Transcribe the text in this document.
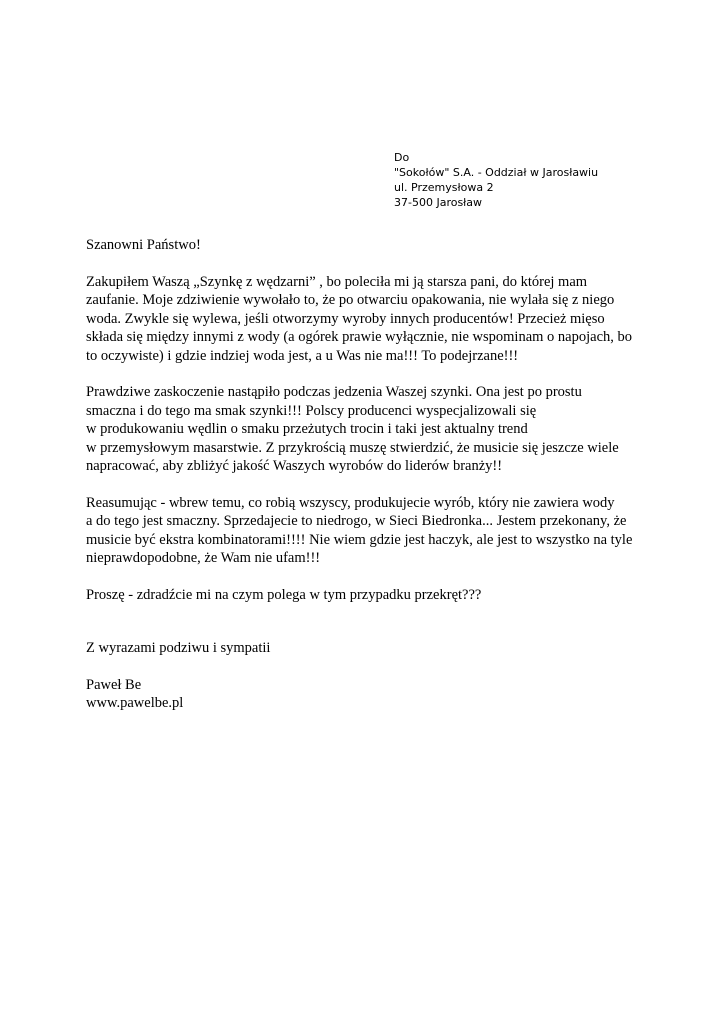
Do
"Sokołów" S.A. - Oddział w Jarosławiu
ul. Przemysłowa 2
37-500 Jarosław

Szanowni Państwo!

Zakupiłem Waszą „Szynkę z wędzarni” , bo poleciła mi ją starsza pani, do której mam
zaufanie. Moje zdziwienie wywołało to, że po otwarciu opakowania, nie wylała się z niego
woda. Zwykle się wylewa, jeśli otworzymy wyroby innych producentów! Przecież mięso
składa się między innymi z wody (a ogórek prawie wyłącznie, nie wspominam o napojach, bo
to oczywiste) i gdzie indziej woda jest, a u Was nie ma!!! To podejrzane!!!

Prawdziwe zaskoczenie nastąpiło podczas jedzenia Waszej szynki. Ona jest po prostu
smaczna i do tego ma smak szynki!!! Polscy producenci wyspecjalizowali się
w produkowaniu wędlin o smaku przeżutych trocin i taki jest aktualny trend
w przemysłowym masarstwie. Z przykrością muszę stwierdzić, że musicie się jeszcze wiele
napracować, aby zbliżyć jakość Waszych wyrobów do liderów branży!!

Reasumując - wbrew temu, co robią wszyscy, produkujecie wyrób, który nie zawiera wody
a do tego jest smaczny. Sprzedajecie to niedrogo, w Sieci Biedronka... Jestem przekonany, że
musicie być ekstra kombinatorami!!!! Nie wiem gdzie jest haczyk, ale jest to wszystko na tyle
nieprawdopodobne, że Wam nie ufam!!!

Proszę - zdradźcie mi na czym polega w tym przypadku przekręt???

Z wyrazami podziwu i sympatii

Paweł Be
www.pawelbe.pl
